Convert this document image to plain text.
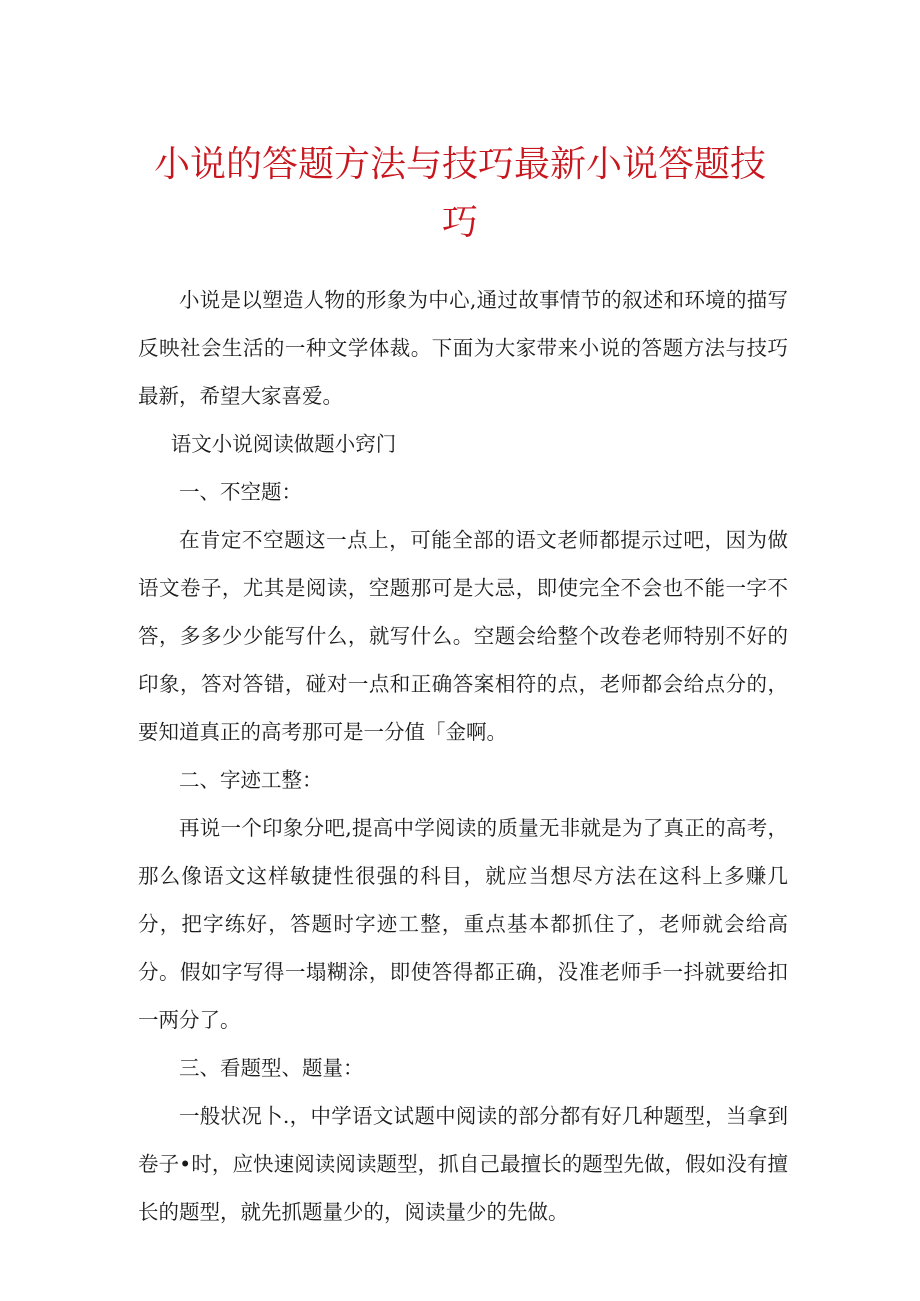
小说的答题方法与技巧最新小说答题技
巧

小说是以塑造人物的形象为中心,通过故事情节的叙述和环境的描写反映社会生活的一种文学体裁。下面为大家带来小说的答题方法与技巧最新，希望大家喜爱。

语文小说阅读做题小窍门

一、不空题：

在肯定不空题这一点上，可能全部的语文老师都提示过吧，因为做语文卷子，尤其是阅读，空题那可是大忌，即使完全不会也不能一字不答，多多少少能写什么，就写什么。空题会给整个改卷老师特别不好的印象，答对答错，碰对一点和正确答案相符的点，老师都会给点分的，要知道真正的高考那可是一分值「金啊。

二、字迹工整：

再说一个印象分吧,提高中学阅读的质量无非就是为了真正的高考，那么像语文这样敏捷性很强的科目，就应当想尽方法在这科上多赚几分，把字练好，答题时字迹工整，重点基本都抓住了，老师就会给高分。假如字写得一塌糊涂，即使答得都正确，没准老师手一抖就要给扣一两分了。

三、看题型、题量：

一般状况卜.，中学语文试题中阅读的部分都有好几种题型，当拿到卷子•时，应快速阅读阅读题型，抓自己最擅长的题型先做，假如没有擅长的题型，就先抓题量少的，阅读量少的先做。
